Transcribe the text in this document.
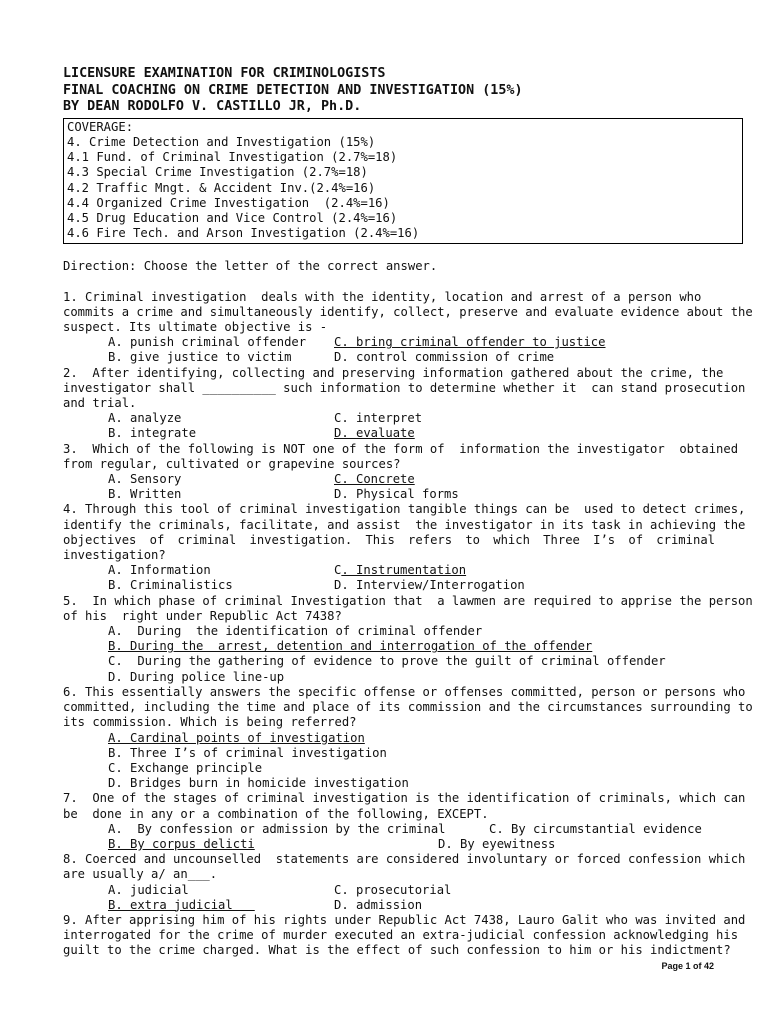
LICENSURE EXAMINATION FOR CRIMINOLOGISTS
FINAL COACHING ON CRIME DETECTION AND INVESTIGATION (15%)
BY DEAN RODOLFO V. CASTILLO JR, Ph.D.
COVERAGE:
4. Crime Detection and Investigation (15%)
4.1 Fund. of Criminal Investigation (2.7%=18)
4.3 Special Crime Investigation (2.7%=18)
4.2 Traffic Mngt. & Accident Inv.(2.4%=16)
4.4 Organized Crime Investigation  (2.4%=16)
4.5 Drug Education and Vice Control (2.4%=16)
4.6 Fire Tech. and Arson Investigation (2.4%=16)
Direction: Choose the letter of the correct answer.
1. Criminal investigation  deals with the identity, location and arrest of a person who
commits a crime and simultaneously identify, collect, preserve and evaluate evidence about the
suspect. Its ultimate objective is -
A. punish criminal offender	C. bring criminal offender to justice
B. give justice to victim	D. control commission of crime
2.  After identifying, collecting and preserving information gathered about the crime, the
investigator shall __________ such information to determine whether it  can stand prosecution
and trial.
A. analyze	C. interpret
B. integrate	D. evaluate
3.  Which of the following is NOT one of the form of  information the investigator  obtained
from regular, cultivated or grapevine sources?
A. Sensory	C. Concrete
B. Written	D. Physical forms
4. Through this tool of criminal investigation tangible things can be  used to detect crimes,
identify the criminals, facilitate, and assist  the investigator in its task in achieving the
objectives of criminal investigation. This refers to which Three I’s of criminal
investigation?
A. Information	C. Instrumentation
B. Criminalistics	D. Interview/Interrogation
5.  In which phase of criminal Investigation that  a lawmen are required to apprise the person
of his  right under Republic Act 7438?
A.  During  the identification of criminal offender
B. During the  arrest, detention and interrogation of the offender
C.  During the gathering of evidence to prove the guilt of criminal offender
D. During police line-up
6. This essentially answers the specific offense or offenses committed, person or persons who
committed, including the time and place of its commission and the circumstances surrounding to
its commission. Which is being referred?
A. Cardinal points of investigation
B. Three I’s of criminal investigation
C. Exchange principle
D. Bridges burn in homicide investigation
7.  One of the stages of criminal investigation is the identification of criminals, which can
be  done in any or a combination of the following, EXCEPT.
A.  By confession or admission by the criminal	C. By circumstantial evidence
B. By corpus delicti	D. By eyewitness
8. Coerced and uncounselled  statements are considered involuntary or forced confession which
are usually a/ an___.
A. judicial	C. prosecutorial
B. extra judicial	D. admission
9. After apprising him of his rights under Republic Act 7438, Lauro Galit who was invited and
interrogated for the crime of murder executed an extra-judicial confession acknowledging his
guilt to the crime charged. What is the effect of such confession to him or his indictment?
Page 1 of 42
